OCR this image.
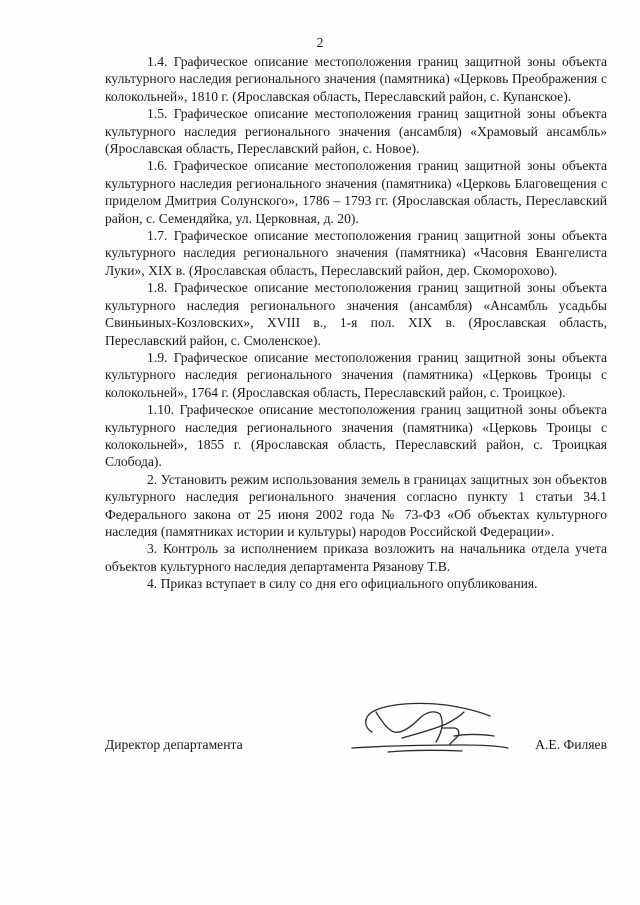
2

1.4. Графическое описание местоположения границ защитной зоны объекта культурного наследия регионального значения (памятника) «Церковь Преображения с колокольней», 1810 г. (Ярославская область, Переславский район, с. Купанское).

1.5. Графическое описание местоположения границ защитной зоны объекта культурного наследия регионального значения (ансамбля) «Храмовый ансамбль» (Ярославская область, Переславский район, с. Новое).

1.6. Графическое описание местоположения границ защитной зоны объекта культурного наследия регионального значения (памятника) «Церковь Благовещения с приделом Дмитрия Солунского», 1786 – 1793 гг. (Ярославская область, Переславский район, с. Семендяйка, ул. Церковная, д. 20).

1.7. Графическое описание местоположения границ защитной зоны объекта культурного наследия регионального значения (памятника) «Часовня Евангелиста Луки», XIX в. (Ярославская область, Переславский район, дер. Скоморохово).

1.8. Графическое описание местоположения границ защитной зоны объекта культурного наследия регионального значения (ансамбля) «Ансамбль усадьбы Свиньиных-Козловских», XVIII в., 1-я пол. XIX в. (Ярославская область, Переславский район, с. Смоленское).

1.9. Графическое описание местоположения границ защитной зоны объекта культурного наследия регионального значения (памятника) «Церковь Троицы с колокольней», 1764 г. (Ярославская область, Переславский район, с. Троицкое).

1.10. Графическое описание местоположения границ защитной зоны объекта культурного наследия регионального значения (памятника) «Церковь Троицы с колокольней», 1855 г. (Ярославская область, Переславский район, с. Троицкая Слобода).

2. Установить режим использования земель в границах защитных зон объектов культурного наследия регионального значения согласно пункту 1 статьи 34.1 Федерального закона от 25 июня 2002 года № 73-ФЗ «Об объектах культурного наследия (памятниках истории и культуры) народов Российской Федерации».

3. Контроль за исполнением приказа возложить на начальника отдела учета объектов культурного наследия департамента Рязанову Т.В.

4. Приказ вступает в силу со дня его официального опубликования.

Директор департамента	А.Е. Филяев
